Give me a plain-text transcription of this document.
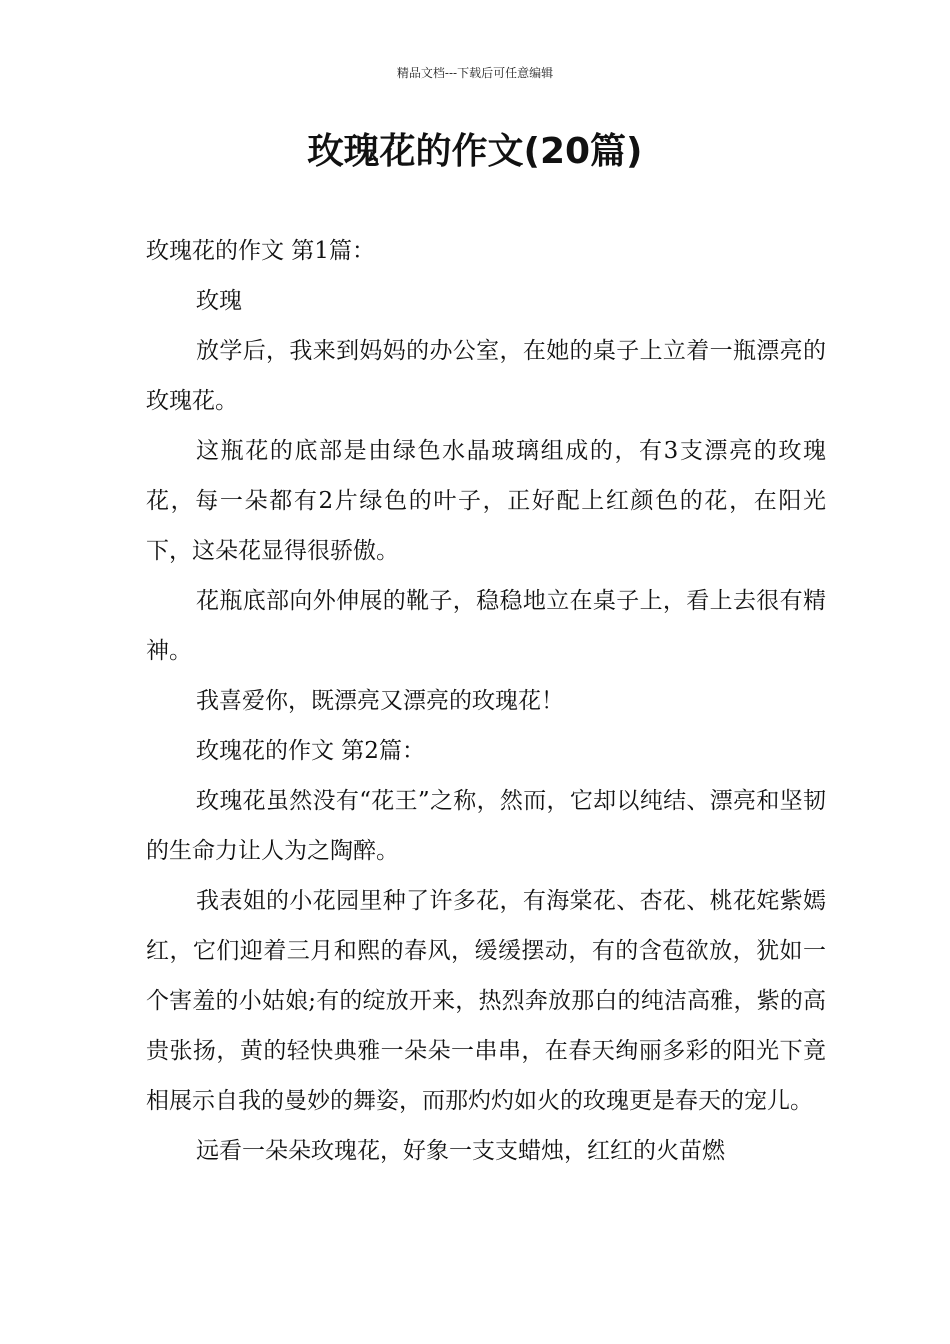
精品文档---下载后可任意编辑
玫瑰花的作文(20篇)

玫瑰花的作文 第1篇：

玫瑰

放学后，我来到妈妈的办公室，在她的桌子上立着一瓶漂亮的玫瑰花。

这瓶花的底部是由绿色水晶玻璃组成的，有3支漂亮的玫瑰花，每一朵都有2片绿色的叶子，正好配上红颜色的花，在阳光下，这朵花显得很骄傲。

花瓶底部向外伸展的靴子，稳稳地立在桌子上，看上去很有精神。

我喜爱你，既漂亮又漂亮的玫瑰花！

玫瑰花的作文 第2篇：

玫瑰花虽然没有“花王”之称，然而，它却以纯结、漂亮和坚韧的生命力让人为之陶醉。

我表姐的小花园里种了许多花，有海棠花、杏花、桃花姹紫嫣红，它们迎着三月和熙的春风，缓缓摆动，有的含苞欲放，犹如一个害羞的小姑娘;有的绽放开来，热烈奔放那白的纯洁高雅，紫的高贵张扬，黄的轻快典雅一朵朵一串串，在春天绚丽多彩的阳光下竟相展示自我的曼妙的舞姿，而那灼灼如火的玫瑰更是春天的宠儿。

远看一朵朵玫瑰花，好象一支支蜡烛，红红的火苗燃
